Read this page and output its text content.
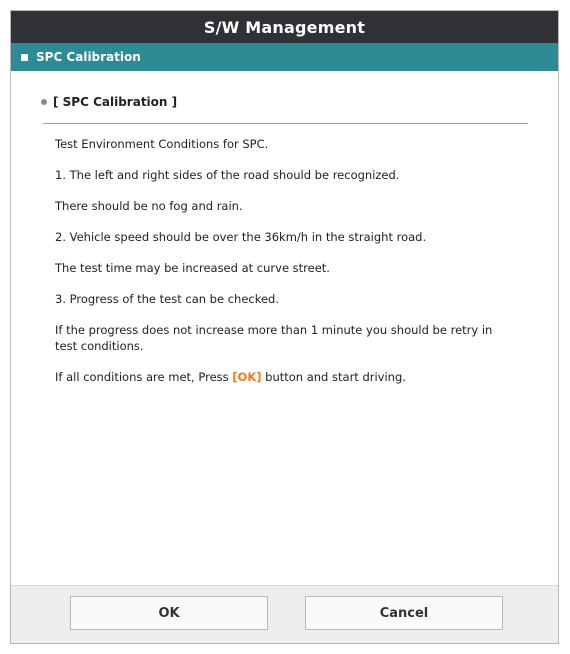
S/W Management
SPC Calibration
[ SPC Calibration ]

Test Environment Conditions for SPC.

1. The left and right sides of the road should be recognized.

There should be no fog and rain.

2. Vehicle speed should be over the 36km/h in the straight road.

The test time may be increased at curve street.

3. Progress of the test can be checked.

If the progress does not increase more than 1 minute you should be retry in test conditions.

If all conditions are met, Press [OK] button and start driving.

OK	Cancel
